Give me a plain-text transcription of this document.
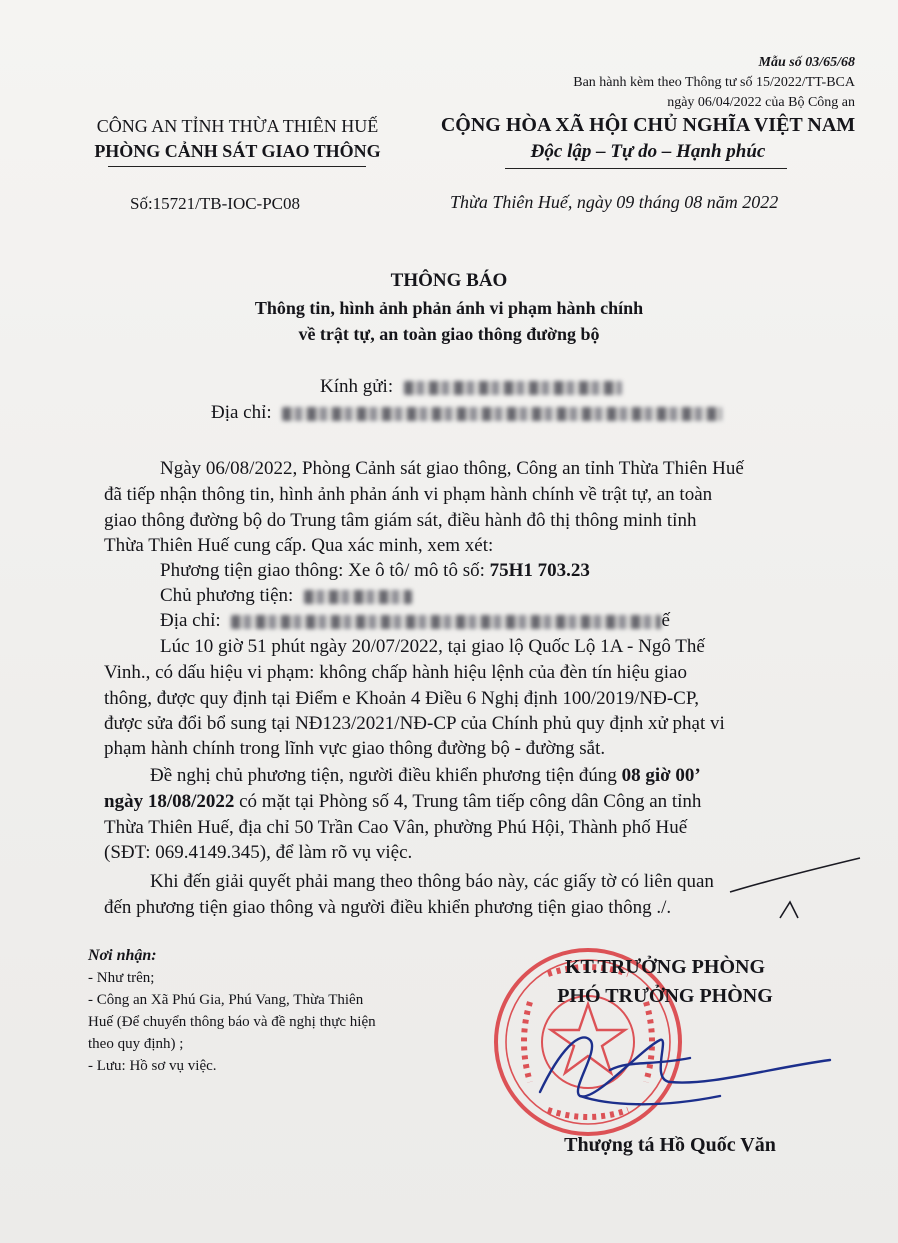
Mẫu số 03/65/68
Ban hành kèm theo Thông tư số 15/2022/TT-BCA
ngày 06/04/2022 của Bộ Công an
CÔNG AN TỈNH THỪA THIÊN HUẾ
PHÒNG CẢNH SÁT GIAO THÔNG
CỘNG HÒA XÃ HỘI CHỦ NGHĨA VIỆT NAM
Độc lập – Tự do – Hạnh phúc
Số:15721/TB-IOC-PC08	Thừa Thiên Huế, ngày 09 tháng 08 năm 2022
THÔNG BÁO
Thông tin, hình ảnh phản ánh vi phạm hành chính
về trật tự, an toàn giao thông đường bộ
Kính gửi:
Địa chỉ:
Ngày 06/08/2022, Phòng Cảnh sát giao thông, Công an tỉnh Thừa Thiên Huế
đã tiếp nhận thông tin, hình ảnh phản ánh vi phạm hành chính về trật tự, an toàn
giao thông đường bộ do Trung tâm giám sát, điều hành đô thị thông minh tỉnh
Thừa Thiên Huế cung cấp. Qua xác minh, xem xét:
Phương tiện giao thông: Xe ô tô/ mô tô số: 75H1 703.23
Chủ phương tiện:
Địa chỉ:	ế
Lúc 10 giờ 51 phút ngày 20/07/2022, tại giao lộ Quốc Lộ 1A - Ngô Thế
Vinh., có dấu hiệu vi phạm: không chấp hành hiệu lệnh của đèn tín hiệu giao
thông, được quy định tại Điểm e Khoản 4 Điều 6 Nghị định 100/2019/NĐ-CP,
được sửa đổi bổ sung tại NĐ123/2021/NĐ-CP của Chính phủ quy định xử phạt vi
phạm hành chính trong lĩnh vực giao thông đường bộ - đường sắt.
Đề nghị chủ phương tiện, người điều khiển phương tiện đúng 08 giờ 00’
ngày 18/08/2022 có mặt tại Phòng số 4, Trung tâm tiếp công dân Công an tỉnh
Thừa Thiên Huế, địa chỉ 50 Trần Cao Vân, phường Phú Hội, Thành phố Huế
(SĐT: 069.4149.345), để làm rõ vụ việc.
Khi đến giải quyết phải mang theo thông báo này, các giấy tờ có liên quan
đến phương tiện giao thông và người điều khiển phương tiện giao thông ./.
Nơi nhận:
- Như trên;
- Công an Xã Phú Gia, Phú Vang, Thừa Thiên
Huế (Để chuyển thông báo và đề nghị thực hiện
theo quy định) ;
- Lưu: Hồ sơ vụ việc.
KT.TRƯỞNG PHÒNG
PHÓ TRƯỞNG PHÒNG
Thượng tá Hồ Quốc Văn
